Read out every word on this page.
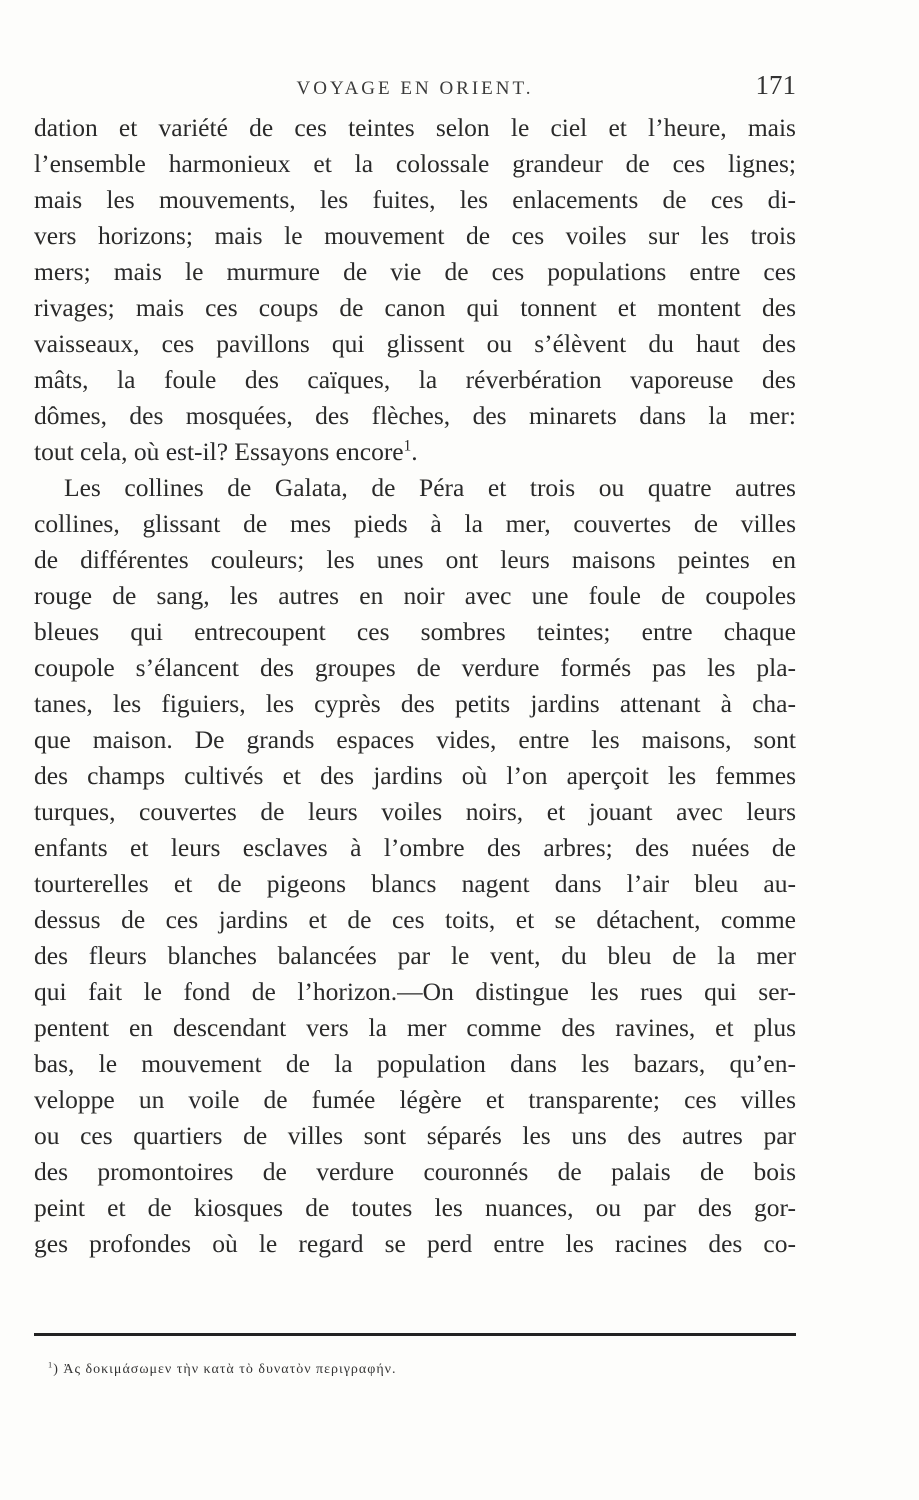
VOYAGE EN ORIENT.	171
dation et variété de ces teintes selon le ciel et l’heure, mais
l’ensemble harmonieux et la colossale grandeur de ces lignes;
mais les mouvements, les fuites, les enlacements de ces di-
vers horizons; mais le mouvement de ces voiles sur les trois
mers; mais le murmure de vie de ces populations entre ces
rivages; mais ces coups de canon qui tonnent et montent des
vaisseaux, ces pavillons qui glissent ou s’élèvent du haut des
mâts, la foule des caïques, la réverbération vaporeuse des
dômes, des mosquées, des flèches, des minarets dans la mer:
tout cela, où est-il? Essayons encore$^1$.
Les collines de Galata, de Péra et trois ou quatre autres
collines, glissant de mes pieds à la mer, couvertes de villes
de différentes couleurs; les unes ont leurs maisons peintes en
rouge de sang, les autres en noir avec une foule de coupoles
bleues qui entrecoupent ces sombres teintes; entre chaque
coupole s’élancent des groupes de verdure formés pas les pla-
tanes, les figuiers, les cyprès des petits jardins attenant à cha-
que maison. De grands espaces vides, entre les maisons, sont
des champs cultivés et des jardins où l’on aperçoit les femmes
turques, couvertes de leurs voiles noirs, et jouant avec leurs
enfants et leurs esclaves à l’ombre des arbres; des nuées de
tourterelles et de pigeons blancs nagent dans l’air bleu au-
dessus de ces jardins et de ces toits, et se détachent, comme
des fleurs blanches balancées par le vent, du bleu de la mer
qui fait le fond de l’horizon.—On distingue les rues qui ser-
pentent en descendant vers la mer comme des ravines, et plus
bas, le mouvement de la population dans les bazars, qu’en-
veloppe un voile de fumée légère et transparente; ces villes
ou ces quartiers de villes sont séparés les uns des autres par
des promontoires de verdure couronnés de palais de bois
peint et de kiosques de toutes les nuances, ou par des gor-
ges profondes où le regard se perd entre les racines des co-
$^1$) Ἀς δοκιμάσωμεν τὴν κατὰ τὸ δυνατὸν περιγραφήν.
